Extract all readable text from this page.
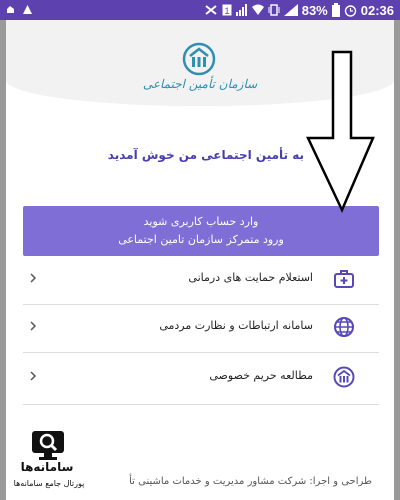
1	83%	02:36
سازمان تأمین اجتماعی
به تأمین اجتماعی من خوش آمدید
وارد حساب کاربری شوید
ورود متمرکز سازمان تامین اجتماعی
استعلام حمایت های درمانی
سامانه ارتباطات و نظارت مردمی
مطالعه حریم خصوصی
طراحی و اجرا: شرکت مشاور مدیریت و خدمات ماشینی تأ
سامانه‌ها
پورتال جامع سامانه‌ها
